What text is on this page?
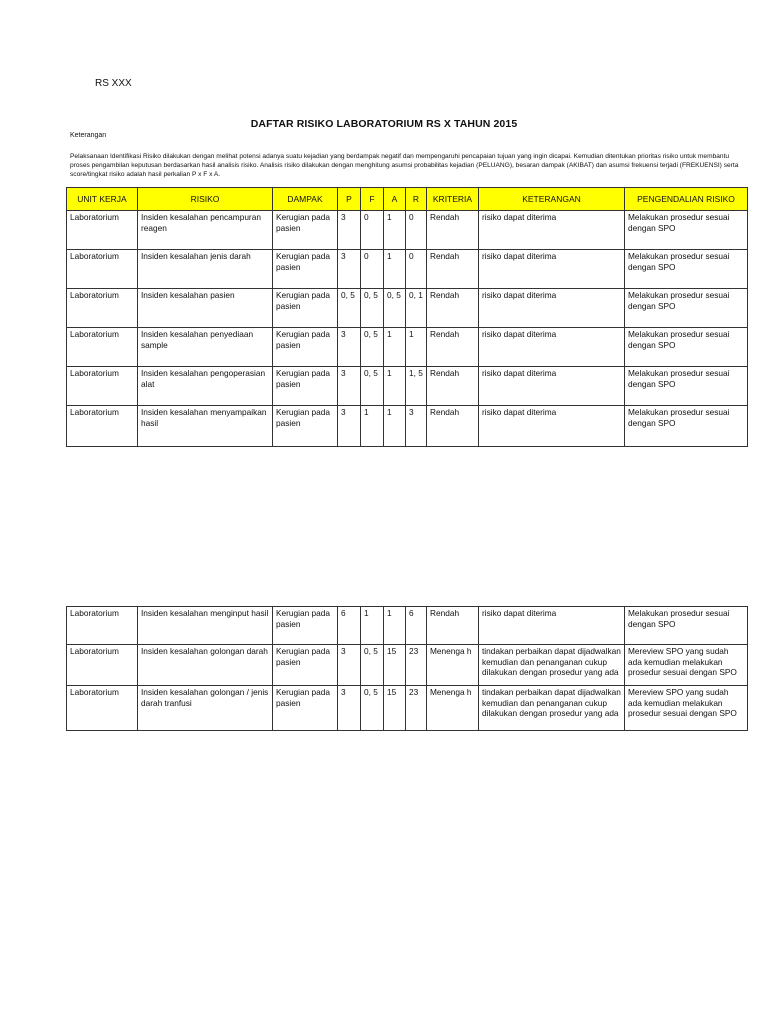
RS XXX
DAFTAR RISIKO LABORATORIUM RS X TAHUN 2015
Keterangan
Pelaksanaan Identifikasi Risiko dilakukan dengan melihat potensi adanya suatu kejadian yang berdampak negatif dan mempengaruhi pencapaian tujuan yang ingin dicapai. Kemudian ditentukan prioritas risiko untuk membantu proses pengambilan keputusan berdasarkan hasil analisis risiko. Analisis risiko dilakukan dengan menghitung asumsi probabilitas kejadian (PELUANG), besaran dampak (AKIBAT) dan asumsi frekuensi terjadi (FREKUENSI) serta score/tingkat risiko adalah hasil perkalian P x F x A.
UNIT KERJA	RISIKO	DAMPAK	P	F	A	R	KRITERIA	KETERANGAN	PENGENDALIAN RISIKO
Laboratorium	Insiden kesalahan pencampuran reagen	Kerugian pada pasien	3	0	1	0	Rendah	risiko dapat diterima	Melakukan prosedur sesuai dengan SPO
Laboratorium	Insiden kesalahan jenis darah	Kerugian pada pasien	3	0	1	0	Rendah	risiko dapat diterima	Melakukan prosedur sesuai dengan SPO
Laboratorium	Insiden kesalahan pasien	Kerugian pada pasien	0, 5	0, 5	0, 5	0, 1	Rendah	risiko dapat diterima	Melakukan prosedur sesuai dengan SPO
Laboratorium	Insiden kesalahan penyediaan sample	Kerugian pada pasien	3	0, 5	1	1	Rendah	risiko dapat diterima	Melakukan prosedur sesuai dengan SPO
Laboratorium	Insiden kesalahan pengoperasian alat	Kerugian pada pasien	3	0, 5	1	1, 5	Rendah	risiko dapat diterima	Melakukan prosedur sesuai dengan SPO
Laboratorium	Insiden kesalahan menyampaikan hasil	Kerugian pada pasien	3	1	1	3	Rendah	risiko dapat diterima	Melakukan prosedur sesuai dengan SPO
Laboratorium	Insiden kesalahan menginput hasil	Kerugian pada pasien	6	1	1	6	Rendah	risiko dapat diterima	Melakukan prosedur sesuai dengan SPO
Laboratorium	Insiden kesalahan golongan darah	Kerugian pada pasien	3	0, 5	15	23	Menenga h	tindakan perbaikan dapat dijadwalkan kemudian dan penanganan cukup dilakukan dengan prosedur yang ada	Mereview SPO yang sudah ada kemudian melakukan prosedur sesuai dengan SPO
Laboratorium	Insiden kesalahan golongan / jenis darah tranfusi	Kerugian pada pasien	3	0, 5	15	23	Menenga h	tindakan perbaikan dapat dijadwalkan kemudian dan penanganan cukup dilakukan dengan prosedur yang ada	Mereview SPO yang sudah ada kemudian melakukan prosedur sesuai dengan SPO
